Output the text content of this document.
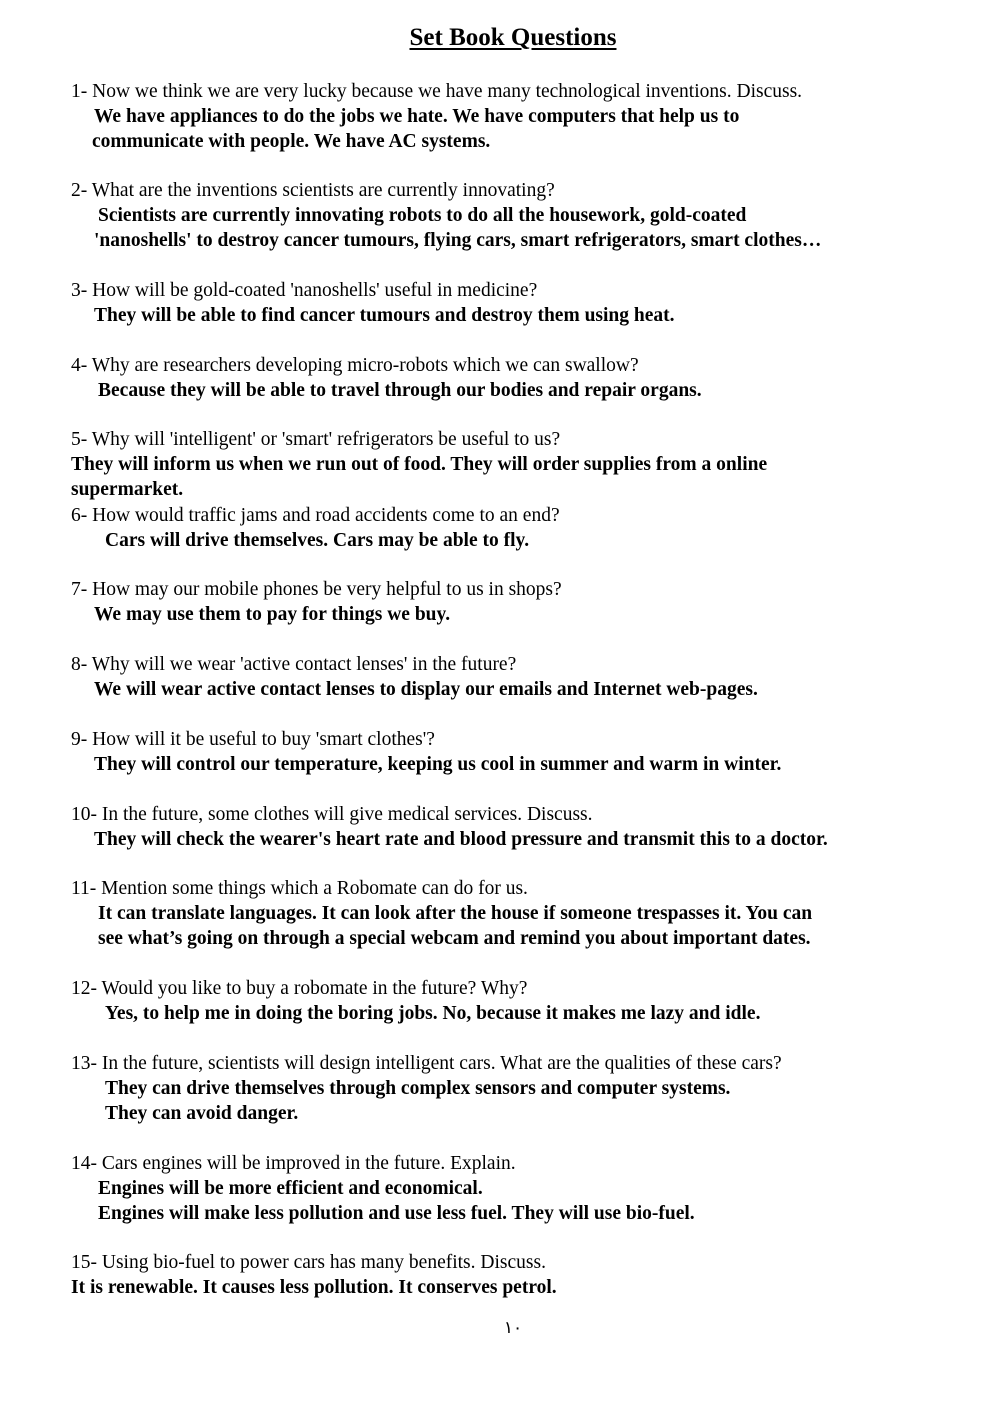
Set Book Questions
1- Now we think we are very lucky because we have many technological inventions. Discuss.
We have appliances to do the jobs we hate. We have computers that help us to
communicate with people. We have AC systems.
2- What are the inventions scientists are currently innovating?
Scientists are currently innovating robots to do all the housework, gold-coated
'nanoshells' to destroy cancer tumours, flying cars, smart refrigerators, smart clothes…
3- How will be gold-coated 'nanoshells' useful in medicine?
They will be able to find cancer tumours and destroy them using heat.
4- Why are researchers developing micro-robots which we can swallow?
Because they will be able to travel through our bodies and repair organs.
5- Why will 'intelligent' or 'smart' refrigerators be useful to us?
They will inform us when we run out of food. They will order supplies from a online
supermarket.
6- How would traffic jams and road accidents come to an end?
Cars will drive themselves. Cars may be able to fly.
7- How may our mobile phones be very helpful to us in shops?
We may use them to pay for things we buy.
8- Why will we wear 'active contact lenses' in the future?
We will wear active contact lenses to display our emails and Internet web-pages.
9- How will it be useful to buy 'smart clothes'?
They will control our temperature, keeping us cool in summer and warm in winter.
10- In the future, some clothes will give medical services. Discuss.
They will check the wearer's heart rate and blood pressure and transmit this to a doctor.
11- Mention some things which a Robomate can do for us.
It can translate languages. It can look after the house if someone trespasses it. You can
see what’s going on through a special webcam and remind you about important dates.
12- Would you like to buy a robomate in the future? Why?
Yes, to help me in doing the boring jobs. No, because it makes me lazy and idle.
13- In the future, scientists will design intelligent cars. What are the qualities of these cars?
They can drive themselves through complex sensors and computer systems.
They can avoid danger.
14- Cars engines will be improved in the future. Explain.
Engines will be more efficient and economical.
Engines will make less pollution and use less fuel. They will use bio-fuel.
15- Using bio-fuel to power cars has many benefits. Discuss.
It is renewable. It causes less pollution. It conserves petrol.
١٠
